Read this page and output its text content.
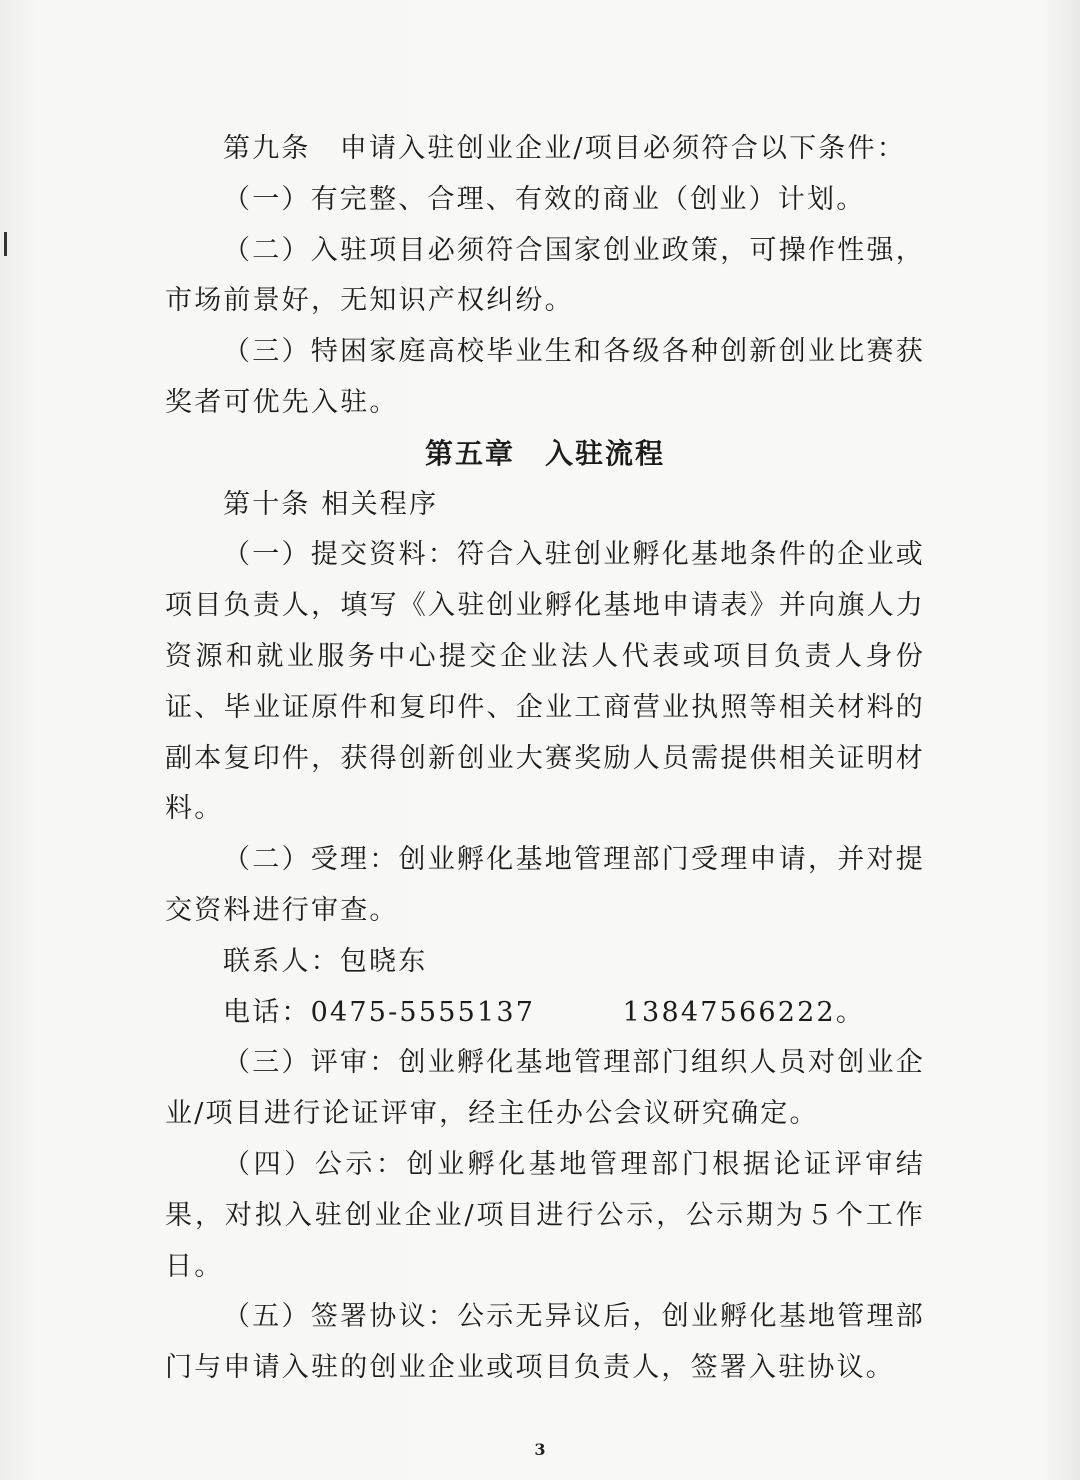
第九条　申请入驻创业企业/项目必须符合以下条件：

（一）有完整、合理、有效的商业（创业）计划。

（二）入驻项目必须符合国家创业政策，可操作性强，市场前景好，无知识产权纠纷。

（三）特困家庭高校毕业生和各级各种创新创业比赛获奖者可优先入驻。

第五章　入驻流程

第十条 相关程序

（一）提交资料：符合入驻创业孵化基地条件的企业或项目负责人，填写《入驻创业孵化基地申请表》并向旗人力资源和就业服务中心提交企业法人代表或项目负责人身份证、毕业证原件和复印件、企业工商营业执照等相关材料的副本复印件，获得创新创业大赛奖励人员需提供相关证明材料。

（二）受理：创业孵化基地管理部门受理申请，并对提交资料进行审查。

联系人：包晓东

电话：0475-5555137　　　13847566222。

（三）评审：创业孵化基地管理部门组织人员对创业企业/项目进行论证评审，经主任办公会议研究确定。

（四）公示：创业孵化基地管理部门根据论证评审结果，对拟入驻创业企业/项目进行公示，公示期为５个工作日。

（五）签署协议：公示无异议后，创业孵化基地管理部门与申请入驻的创业企业或项目负责人，签署入驻协议。

3
